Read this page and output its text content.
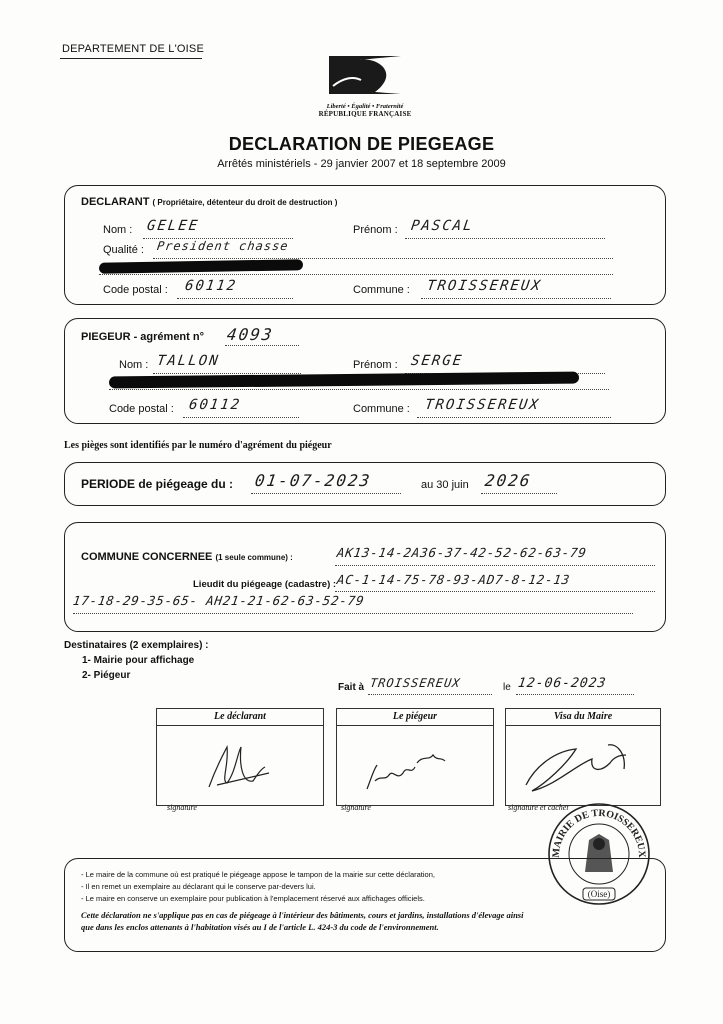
DEPARTEMENT DE L'OISE
Liberté • Égalité • Fraternité
RÉPUBLIQUE FRANÇAISE
DECLARATION DE PIEGEAGE
Arrêtés ministériels - 29 janvier 2007 et 18 septembre 2009
DECLARANT ( Propriétaire, détenteur du droit de destruction )
Nom : GELEE	Prénom : PASCAL
Qualité : President chasse
Code postal : 60112	Commune : TROISSEREUX
PIEGEUR - agrément n° 4093
Nom : TALLON	Prénom : SERGE
Code postal : 60112	Commune : TROISSEREUX
Les pièges sont identifiés par le numéro d'agrément du piégeur
PERIODE de piégeage du : 01-07-2023	au 30 juin 2026
COMMUNE CONCERNEE (1 seule commune) :	AK13-14-2A36-37-42-52-62-63-79
Lieudit du piégeage (cadastre) : AC-1-14-75-78-93-AD7-8-12-13
17-18-29-35-65- AH21-21-62-63-52-79
Destinataires (2 exemplaires) :
1- Mairie pour affichage
2- Piégeur
Fait à TROISSEREUX	le 12-06-2023
Le déclarant
signature
Le piégeur
signature
Visa du Maire
signature et cachet
MAIRIE DE TROISSEREUX
(Oise)
- Le maire de la commune où est pratiqué le piégeage appose le tampon de la mairie sur cette déclaration,
- Il en remet un exemplaire au déclarant qui le conserve par-devers lui.
- Le maire en conserve un exemplaire pour publication à l'emplacement réservé aux affichages officiels.
Cette déclaration ne s'applique pas en cas de piégeage à l'intérieur des bâtiments, cours et jardins, installations d'élevage ainsi
que dans les enclos attenants à l'habitation visés au I de l'article L. 424-3 du code de l'environnement.
